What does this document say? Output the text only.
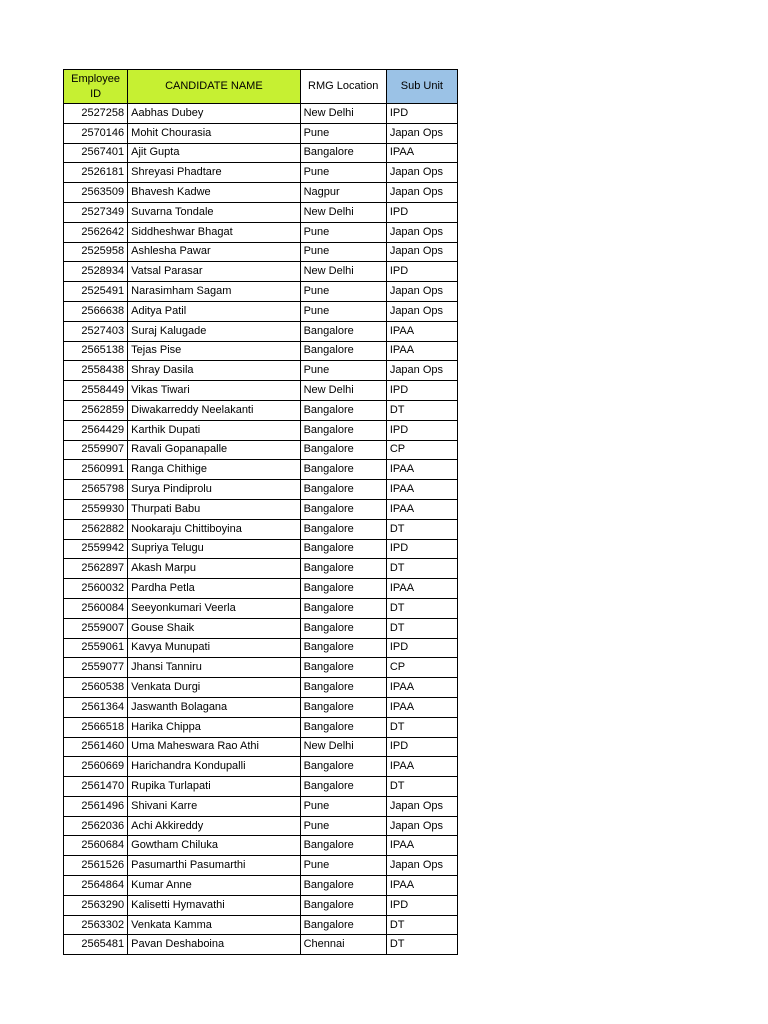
Employee ID	CANDIDATE NAME	RMG Location	Sub Unit
2527258	Aabhas Dubey	New Delhi	IPD
2570146	Mohit Chourasia	Pune	Japan Ops
2567401	Ajit Gupta	Bangalore	IPAA
2526181	Shreyasi Phadtare	Pune	Japan Ops
2563509	Bhavesh Kadwe	Nagpur	Japan Ops
2527349	Suvarna Tondale	New Delhi	IPD
2562642	Siddheshwar Bhagat	Pune	Japan Ops
2525958	Ashlesha Pawar	Pune	Japan Ops
2528934	Vatsal Parasar	New Delhi	IPD
2525491	Narasimham Sagam	Pune	Japan Ops
2566638	Aditya Patil	Pune	Japan Ops
2527403	Suraj Kalugade	Bangalore	IPAA
2565138	Tejas Pise	Bangalore	IPAA
2558438	Shray Dasila	Pune	Japan Ops
2558449	Vikas Tiwari	New Delhi	IPD
2562859	Diwakarreddy Neelakanti	Bangalore	DT
2564429	Karthik Dupati	Bangalore	IPD
2559907	Ravali Gopanapalle	Bangalore	CP
2560991	Ranga Chithige	Bangalore	IPAA
2565798	Surya Pindiprolu	Bangalore	IPAA
2559930	Thurpati Babu	Bangalore	IPAA
2562882	Nookaraju Chittiboyina	Bangalore	DT
2559942	Supriya Telugu	Bangalore	IPD
2562897	Akash Marpu	Bangalore	DT
2560032	Pardha Petla	Bangalore	IPAA
2560084	Seeyonkumari Veerla	Bangalore	DT
2559007	Gouse Shaik	Bangalore	DT
2559061	Kavya Munupati	Bangalore	IPD
2559077	Jhansi Tanniru	Bangalore	CP
2560538	Venkata Durgi	Bangalore	IPAA
2561364	Jaswanth Bolagana	Bangalore	IPAA
2566518	Harika Chippa	Bangalore	DT
2561460	Uma Maheswara Rao Athi	New Delhi	IPD
2560669	Harichandra Kondupalli	Bangalore	IPAA
2561470	Rupika Turlapati	Bangalore	DT
2561496	Shivani Karre	Pune	Japan Ops
2562036	Achi Akkireddy	Pune	Japan Ops
2560684	Gowtham Chiluka	Bangalore	IPAA
2561526	Pasumarthi Pasumarthi	Pune	Japan Ops
2564864	Kumar Anne	Bangalore	IPAA
2563290	Kalisetti Hymavathi	Bangalore	IPD
2563302	Venkata Kamma	Bangalore	DT
2565481	Pavan Deshaboina	Chennai	DT
